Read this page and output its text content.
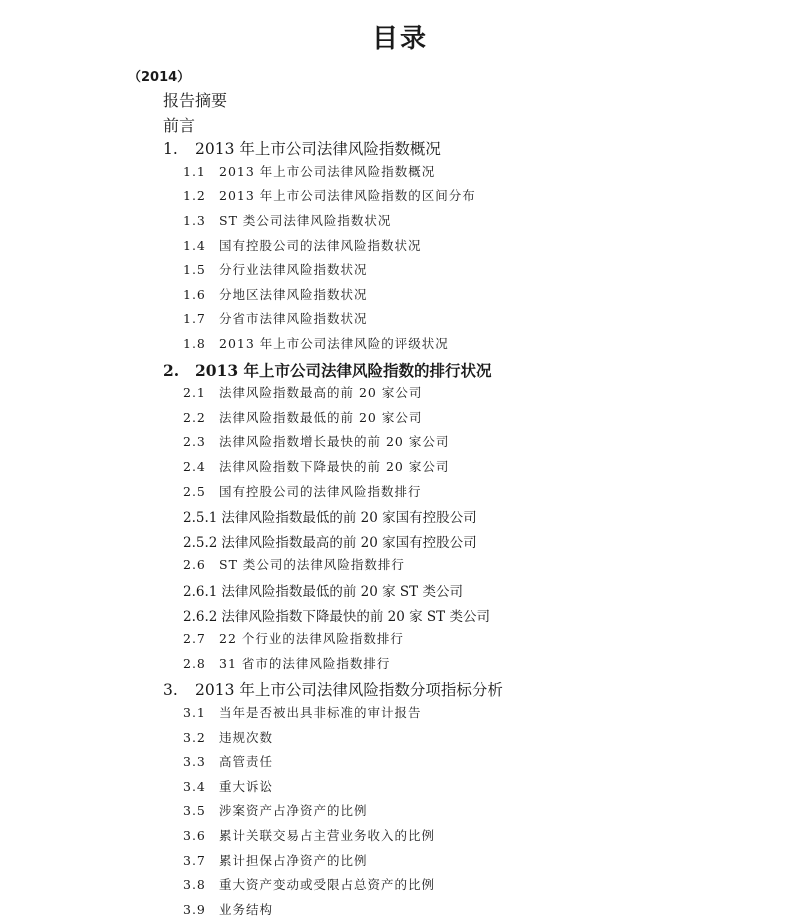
目录
（2014）
报告摘要
前言
1. 2013 年上市公司法律风险指数概况
1.1 2013 年上市公司法律风险指数概况
1.2 2013 年上市公司法律风险指数的区间分布
1.3 ST 类公司法律风险指数状况
1.4 国有控股公司的法律风险指数状况
1.5 分行业法律风险指数状况
1.6 分地区法律风险指数状况
1.7 分省市法律风险指数状况
1.8 2013 年上市公司法律风险的评级状况
2. 2013 年上市公司法律风险指数的排行状况
2.1 法律风险指数最高的前 20 家公司
2.2 法律风险指数最低的前 20 家公司
2.3 法律风险指数增长最快的前 20 家公司
2.4 法律风险指数下降最快的前 20 家公司
2.5 国有控股公司的法律风险指数排行
2.5.1 法律风险指数最低的前 20 家国有控股公司
2.5.2 法律风险指数最高的前 20 家国有控股公司
2.6 ST 类公司的法律风险指数排行
2.6.1 法律风险指数最低的前 20 家 ST 类公司
2.6.2 法律风险指数下降最快的前 20 家 ST 类公司
2.7 22 个行业的法律风险指数排行
2.8 31 省市的法律风险指数排行
3. 2013 年上市公司法律风险指数分项指标分析
3.1 当年是否被出具非标准的审计报告
3.2 违规次数
3.3 高管责任
3.4 重大诉讼
3.5 涉案资产占净资产的比例
3.6 累计关联交易占主营业务收入的比例
3.7 累计担保占净资产的比例
3.8 重大资产变动或受限占总资产的比例
3.9 业务结构
